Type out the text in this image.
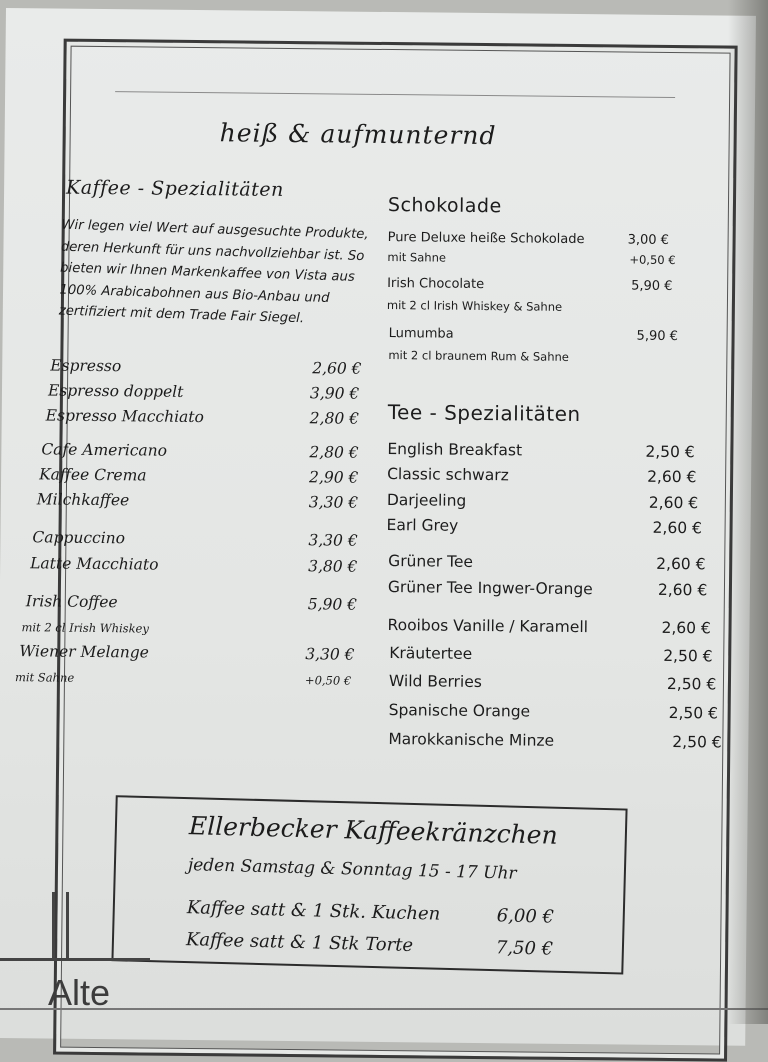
heiß & aufmunternd
Kaffee - Spezialitäten
Wir legen viel Wert auf ausgesuchte Produkte, deren Herkunft für uns nachvollziehbar ist. So bieten wir Ihnen Markenkaffee von Vista aus 100% Arabicabohnen aus Bio-Anbau und zertifiziert mit dem Trade Fair Siegel.
Espresso	2,60 €
Espresso doppelt	3,90 €
Espresso Macchiato	2,80 €
Cafe Americano	2,80 €
Kaffee Crema	2,90 €
Milchkaffee	3,30 €
Cappuccino	3,30 €
Latte Macchiato	3,80 €
Irish Coffee	5,90 €
mit 2 cl Irish Whiskey
Wiener Melange	3,30 €
mit Sahne	+0,50 €
Schokolade
Pure Deluxe heiße Schokolade	3,00 €
mit Sahne	+0,50 €
Irish Chocolate	5,90 €
mit 2 cl Irish Whiskey & Sahne
Lumumba	5,90 €
mit 2 cl braunem Rum & Sahne
Tee - Spezialitäten
English Breakfast	2,50 €
Classic schwarz	2,60 €
Darjeeling	2,60 €
Earl Grey	2,60 €
Grüner Tee	2,60 €
Grüner Tee Ingwer-Orange	2,60 €
Rooibos Vanille / Karamell	2,60 €
Kräutertee	2,50 €
Wild Berries	2,50 €
Spanische Orange	2,50 €
Marokkanische Minze	2,50 €
Ellerbecker Kaffeekränzchen
jeden Samstag & Sonntag 15 - 17 Uhr
Kaffee satt & 1 Stk. Kuchen	6,00 €
Kaffee satt & 1 Stk Torte	7,50 €
Alte
